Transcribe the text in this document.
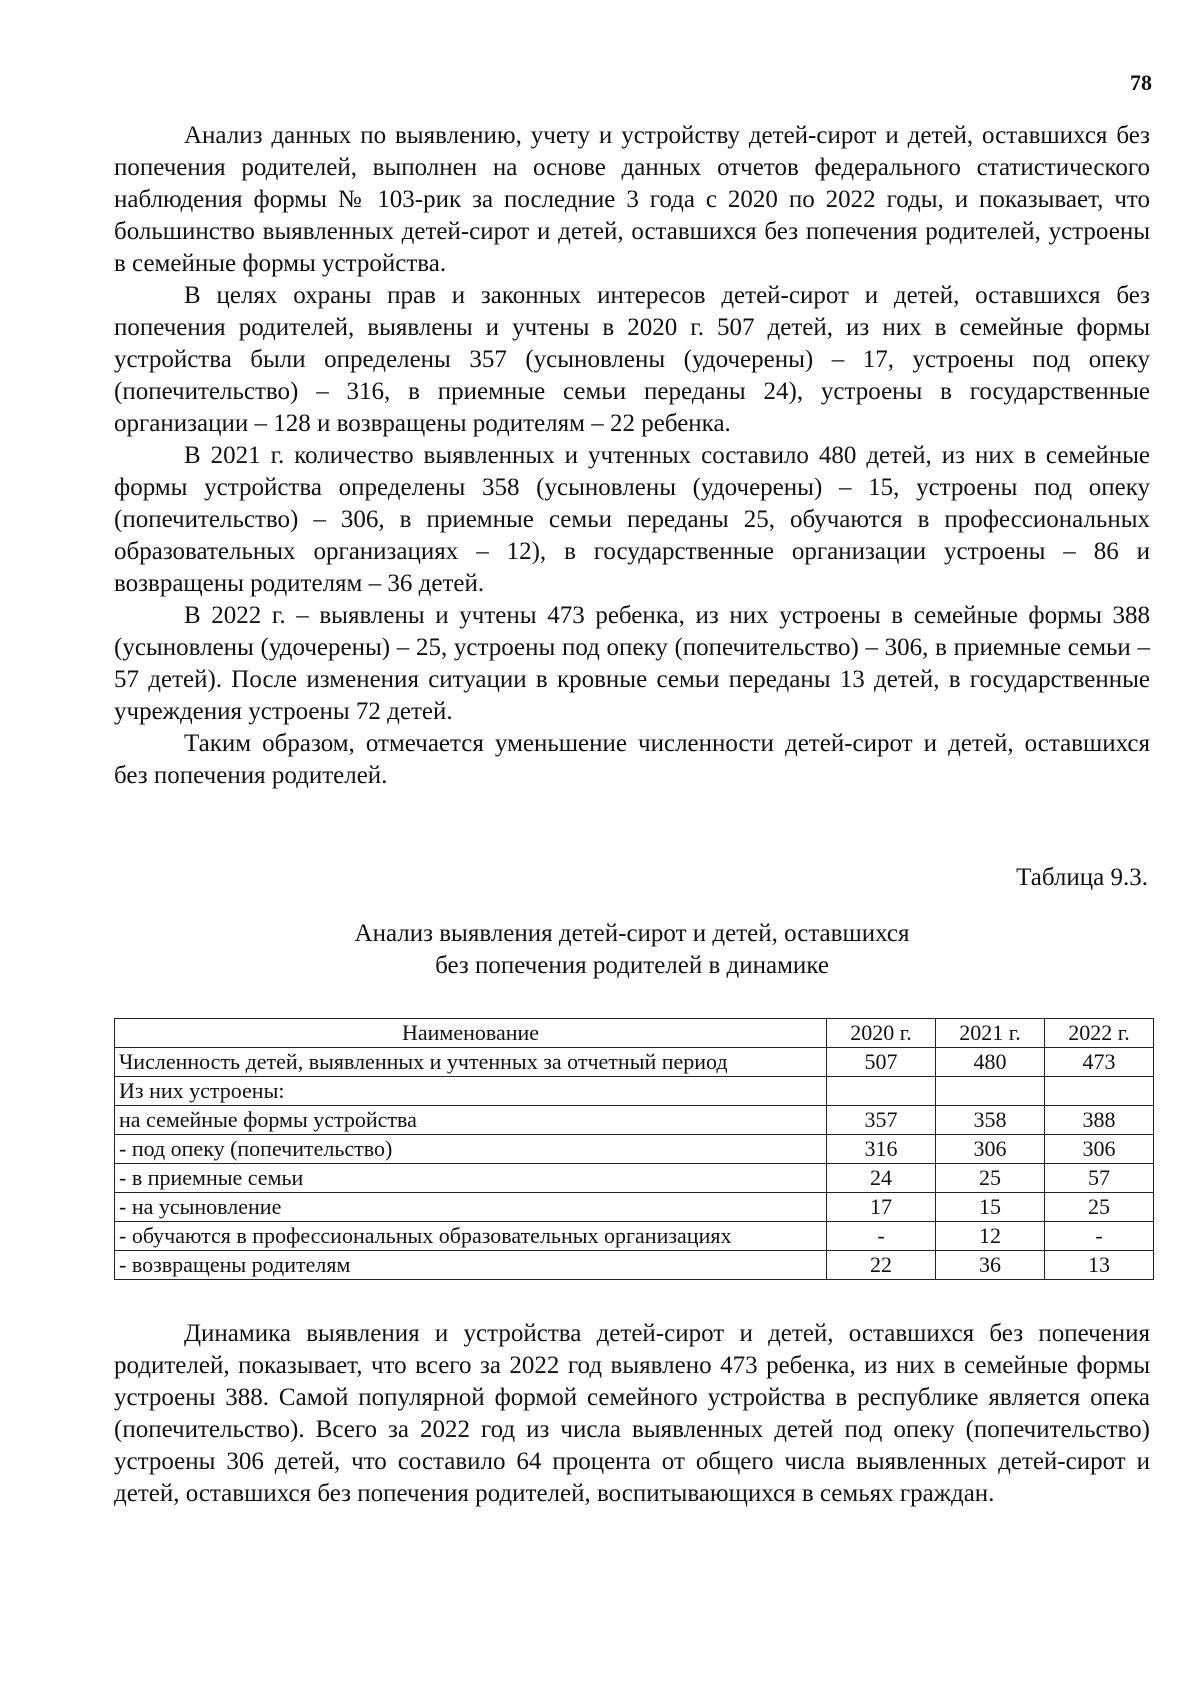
78

Анализ данных по выявлению, учету и устройству детей-сирот и детей, оставшихся без попечения родителей, выполнен на основе данных отчетов федерального статистического наблюдения формы № 103-рик за последние 3 года с 2020 по 2022 годы, и показывает, что большинство выявленных детей-сирот и детей, оставшихся без попечения родителей, устроены в семейные формы устройства.

В целях охраны прав и законных интересов детей-сирот и детей, оставшихся без попечения родителей, выявлены и учтены в 2020 г. 507 детей, из них в семейные формы устройства были определены 357 (усыновлены (удочерены) – 17, устроены под опеку (попечительство) – 316, в приемные семьи переданы 24), устроены в государственные организации – 128 и возвращены родителям – 22 ребенка.

В 2021 г. количество выявленных и учтенных составило 480 детей, из них в семейные формы устройства определены 358 (усыновлены (удочерены) – 15, устроены под опеку (попечительство) – 306, в приемные семьи переданы 25, обучаются в профессиональных образовательных организациях – 12), в государственные организации устроены – 86 и возвращены родителям – 36 детей.

В 2022 г. – выявлены и учтены 473 ребенка, из них устроены в семейные формы 388 (усыновлены (удочерены) – 25, устроены под опеку (попечительство) – 306, в приемные семьи – 57 детей). После изменения ситуации в кровные семьи переданы 13 детей, в государственные учреждения устроены 72 детей.

Таким образом, отмечается уменьшение численности детей-сирот и детей, оставшихся без попечения родителей.

Таблица 9.3.
Анализ выявления детей-сирот и детей, оставшихся
без попечения родителей в динамике
Наименование	2020 г.	2021 г.	2022 г.
Численность детей, выявленных и учтенных за отчетный период	507	480	473
Из них устроены:			
на семейные формы устройства	357	358	388
- под опеку (попечительство)	316	306	306
- в приемные семьи	24	25	57
- на усыновление	17	15	25
- обучаются в профессиональных образовательных организациях	-	12	-
- возвращены родителям	22	36	13

Динамика выявления и устройства детей-сирот и детей, оставшихся без попечения родителей, показывает, что всего за 2022 год выявлено 473 ребенка, из них в семейные формы устроены 388. Самой популярной формой семейного устройства в республике является опека (попечительство). Всего за 2022 год из числа выявленных детей под опеку (попечительство) устроены 306 детей, что составило 64 процента от общего числа выявленных детей-сирот и детей, оставшихся без попечения родителей, воспитывающихся в семьях граждан.
